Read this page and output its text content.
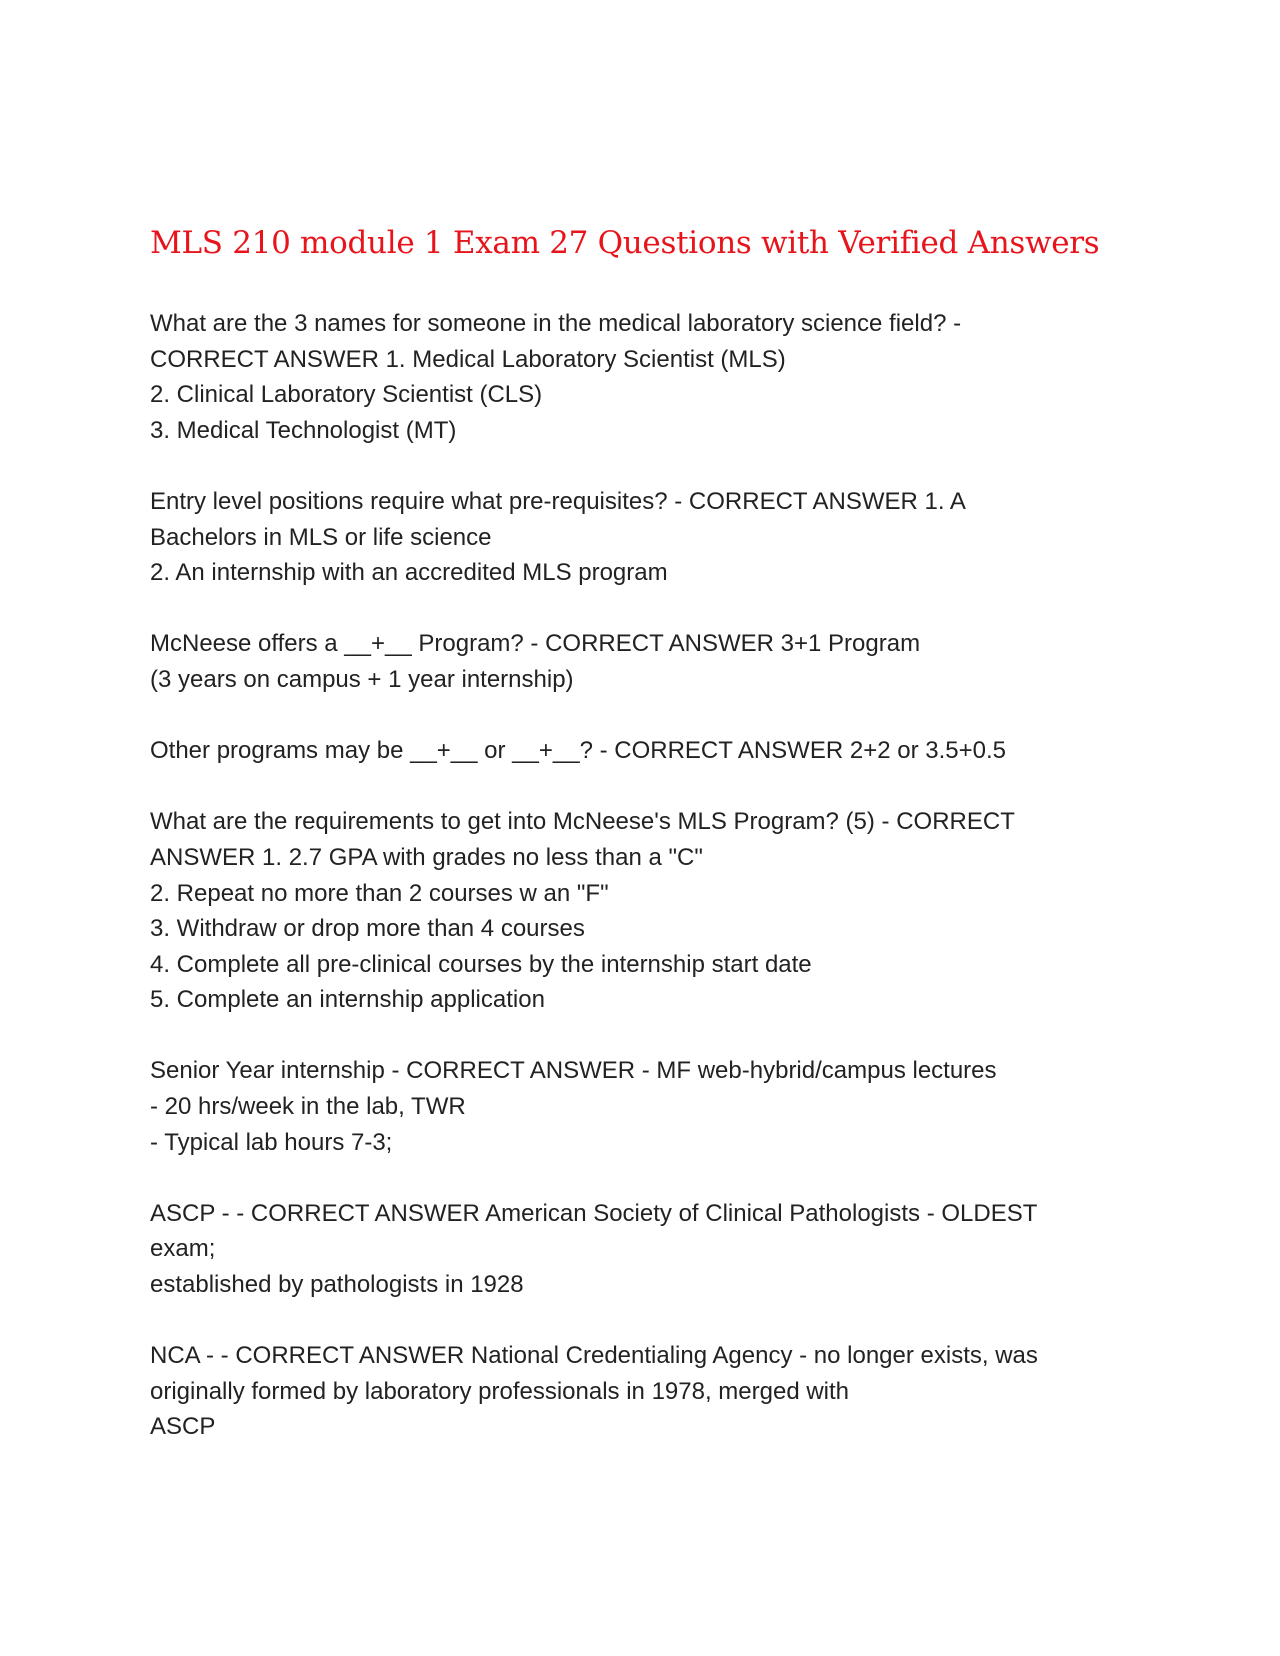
MLS 210 module 1 Exam 27 Questions with Verified Answers
What are the 3 names for someone in the medical laboratory science field? -
CORRECT ANSWER 1. Medical Laboratory Scientist (MLS)
2. Clinical Laboratory Scientist (CLS)
3. Medical Technologist (MT)
Entry level positions require what pre-requisites? - CORRECT ANSWER 1. A
Bachelors in MLS or life science
2. An internship with an accredited MLS program
McNeese offers a __+__ Program? - CORRECT ANSWER 3+1 Program
(3 years on campus + 1 year internship)
Other programs may be __+__ or __+__? - CORRECT ANSWER 2+2 or 3.5+0.5
What are the requirements to get into McNeese's MLS Program? (5) - CORRECT
ANSWER 1. 2.7 GPA with grades no less than a "C"
2. Repeat no more than 2 courses w an "F"
3. Withdraw or drop more than 4 courses
4. Complete all pre-clinical courses by the internship start date
5. Complete an internship application
Senior Year internship - CORRECT ANSWER - MF web-hybrid/campus lectures
- 20 hrs/week in the lab, TWR
- Typical lab hours 7-3;
ASCP - - CORRECT ANSWER American Society of Clinical Pathologists - OLDEST
exam;
established by pathologists in 1928
NCA - - CORRECT ANSWER National Credentialing Agency - no longer exists, was
originally formed by laboratory professionals in 1978, merged with
ASCP
